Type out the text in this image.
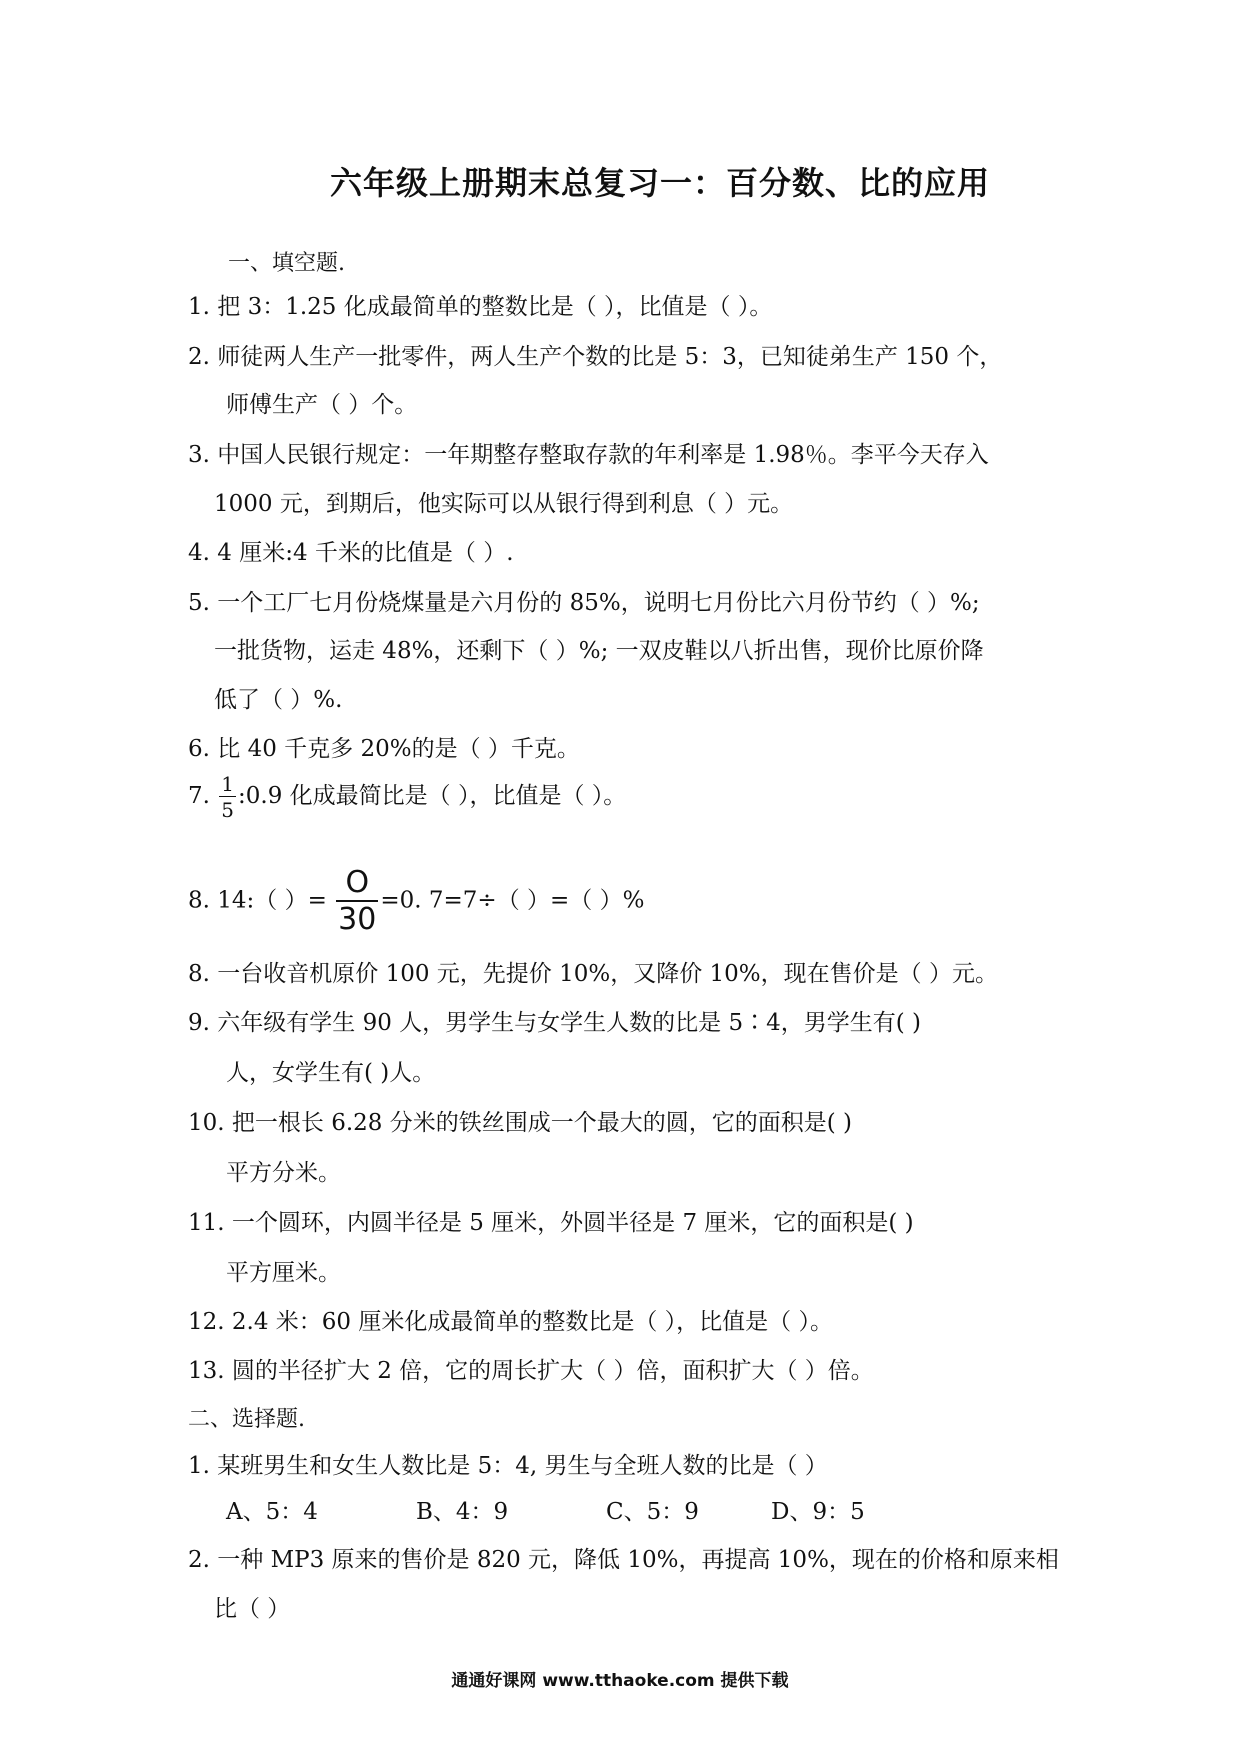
六年级上册期末总复习一：百分数、比的应用
一、填空题.
1. 把 3：1.25 化成最简单的整数比是（ ），比值是（ ）。
2. 师徒两人生产一批零件，两人生产个数的比是 5：3，已知徒弟生产 150 个，
师傅生产（ ）个。
3. 中国人民银行规定：一年期整存整取存款的年利率是 1.98％。李平今天存入
1000 元，到期后，他实际可以从银行得到利息（ ）元。
4. 4 厘米:4 千米的比值是（ ）.
5. 一个工厂七月份烧煤量是六月份的 85%，说明七月份比六月份节约（ ）%;
一批货物，运走 48%，还剩下（ ）%; 一双皮鞋以八折出售，现价比原价降
低了（ ）%.
6. 比 40 千克多 20%的是（ ）千克。
7. $\frac{1}{5}$ :0.9 化成最简比是（ ），比值是（ ）。
8. 14:（ ）= $\frac{O}{30} =0$. 7=7÷（ ）=（ ）%
8. 一台收音机原价 100 元，先提价 10%，又降价 10%，现在售价是（ ）元。
9. 六年级有学生 90 人，男学生与女学生人数的比是 5∶4，男学生有( )
人，女学生有( )人。
10. 把一根长 6.28 分米的铁丝围成一个最大的圆，它的面积是( )
平方分米。
11. 一个圆环，内圆半径是 5 厘米，外圆半径是 7 厘米，它的面积是( )
平方厘米。
12. 2.4 米：60 厘米化成最简单的整数比是（ ），比值是（ ）。
13. 圆的半径扩大 2 倍，它的周长扩大（ ）倍，面积扩大（ ）倍。
二、选择题.
1. 某班男生和女生人数比是 5：4, 男生与全班人数的比是（ ）
A、5：4	B、4：9	C、5：9	D、9：5
2. 一种 MP3 原来的售价是 820 元，降低 10%，再提高 10%，现在的价格和原来相
比（ ）
通通好课网 www.tthaoke.com 提供下载
